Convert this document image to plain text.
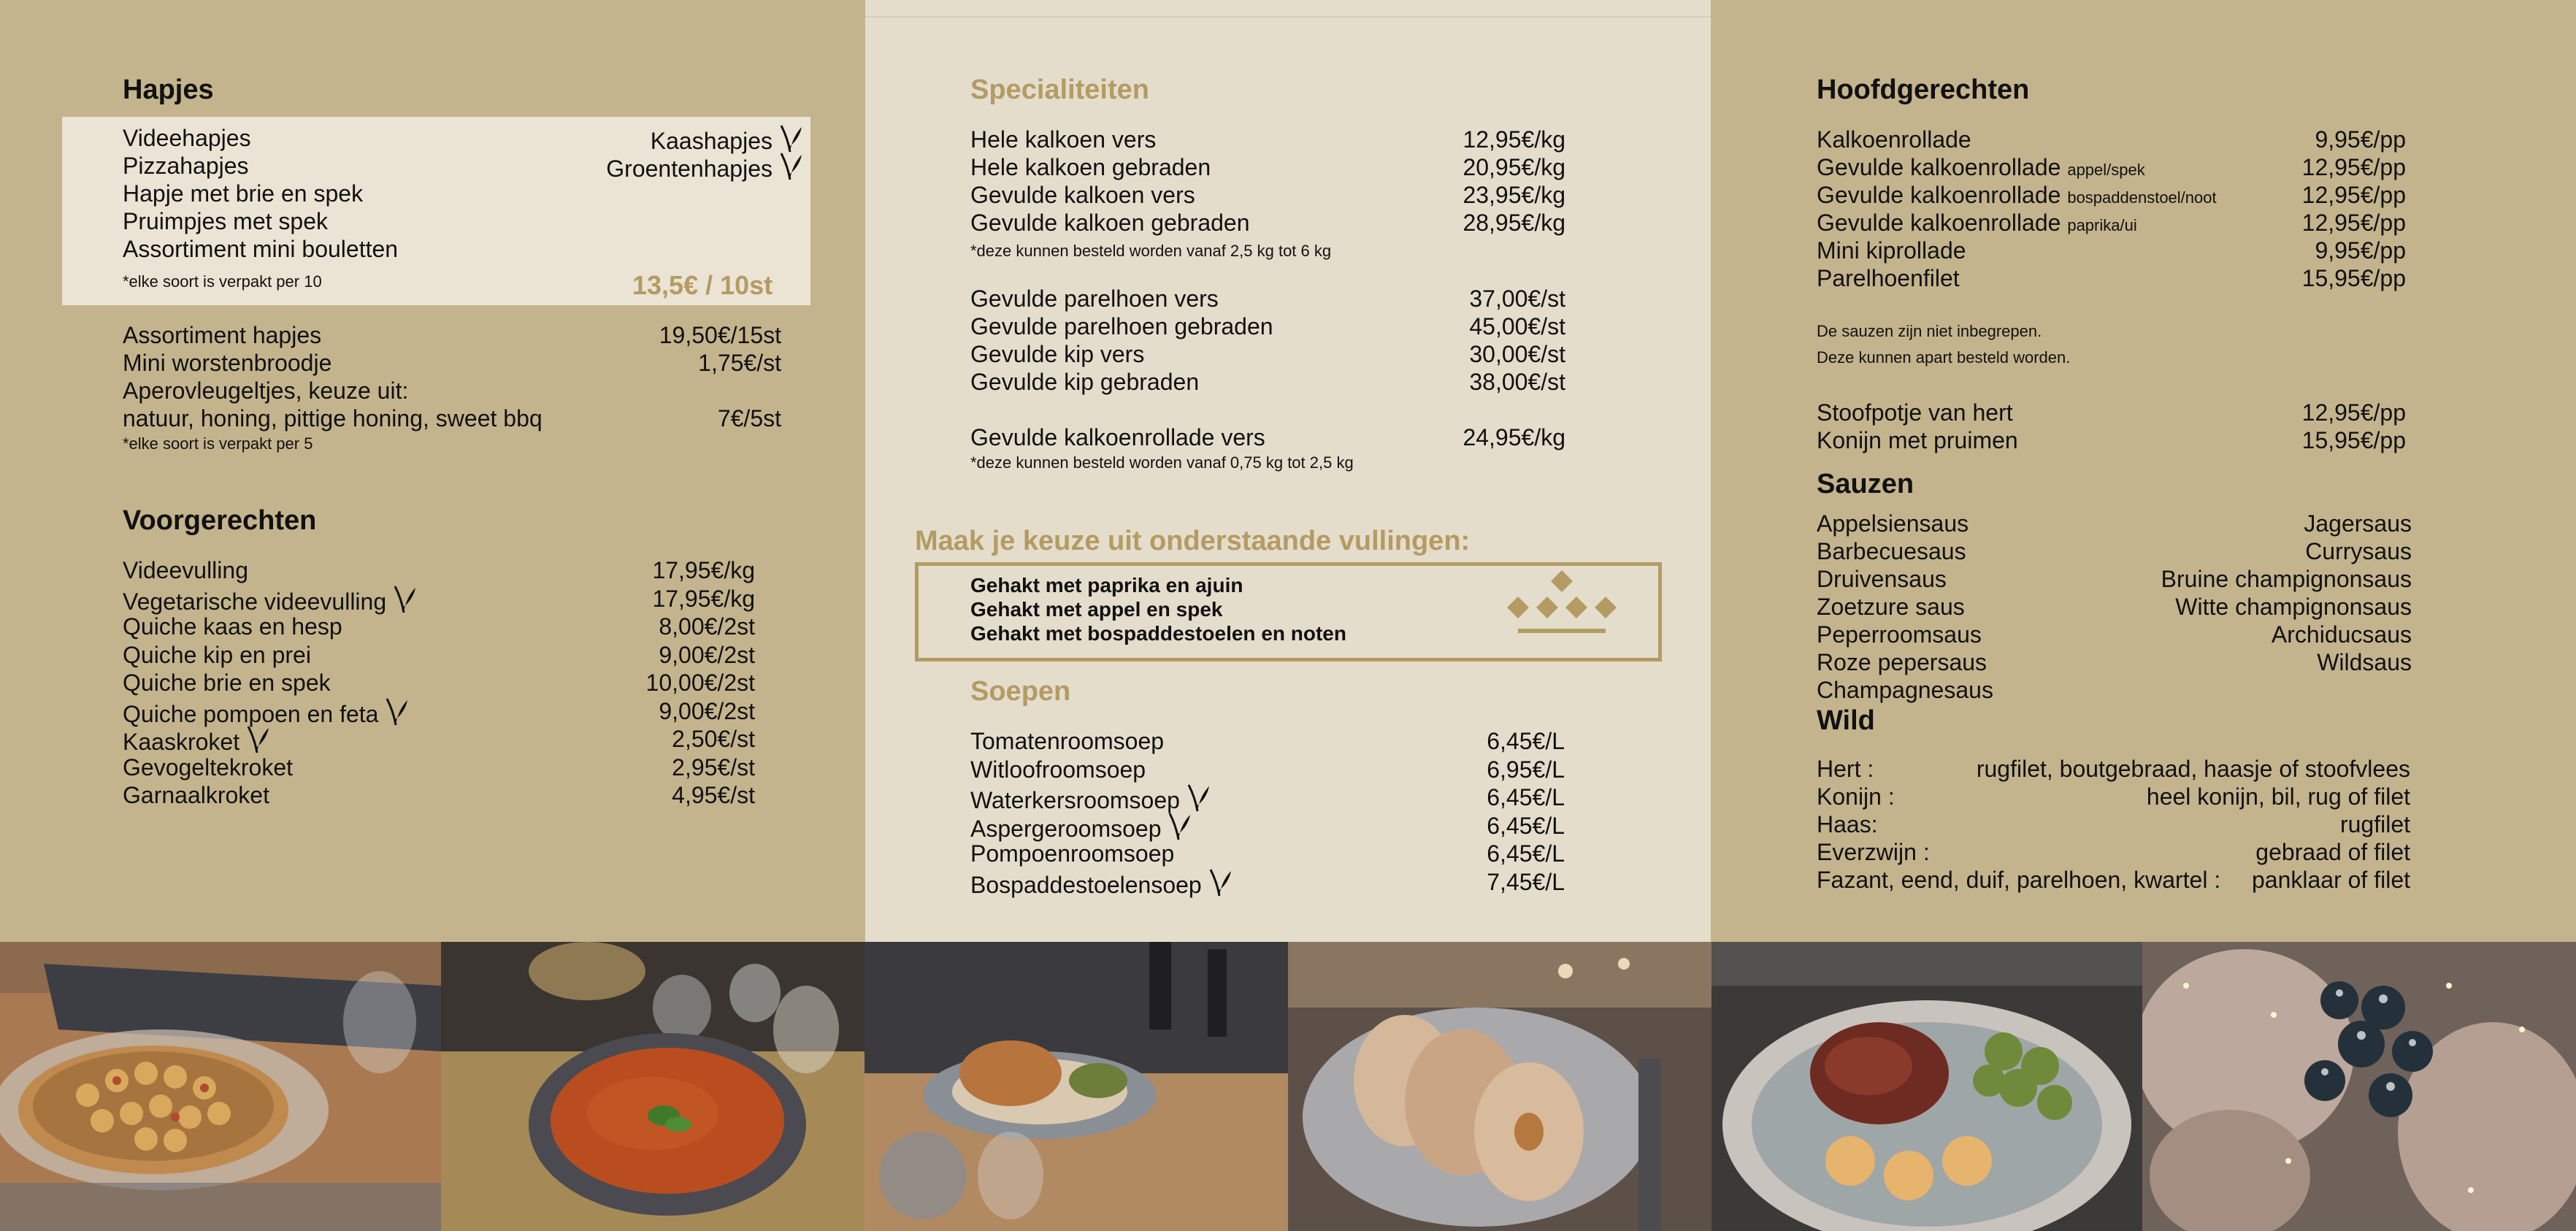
Hapjes
Videehapjes
Pizzahapjes
Hapje met brie en spek
Pruimpjes met spek
Assortiment mini bouletten
Kaashapjes
Groentenhapjes
*elke soort is verpakt per 10	13,5€ / 10st
Assortiment hapjes	19,50€/15st
Mini worstenbroodje	1,75€/st
Aperovleugeltjes, keuze uit:
natuur, honing, pittige honing, sweet bbq	7€/5st
*elke soort is verpakt per 5
Voorgerechten
Videevulling	17,95€/kg
Vegetarische videevulling	17,95€/kg
Quiche kaas en hesp	8,00€/2st
Quiche kip en prei	9,00€/2st
Quiche brie en spek	10,00€/2st
Quiche pompoen en feta	9,00€/2st
Kaaskroket	2,50€/st
Gevogeltekroket	2,95€/st
Garnaalkroket	4,95€/st
Specialiteiten
Hele kalkoen vers	12,95€/kg
Hele kalkoen gebraden	20,95€/kg
Gevulde kalkoen vers	23,95€/kg
Gevulde kalkoen gebraden	28,95€/kg
*deze kunnen besteld worden vanaf 2,5 kg tot 6 kg
Gevulde parelhoen vers	37,00€/st
Gevulde parelhoen gebraden	45,00€/st
Gevulde kip vers	30,00€/st
Gevulde kip gebraden	38,00€/st
Gevulde kalkoenrollade vers	24,95€/kg
*deze kunnen besteld worden vanaf 0,75 kg tot 2,5 kg
Maak je keuze uit onderstaande vullingen:
Soepen
Tomatenroomsoep	6,45€/L
Witloofroomsoep	6,95€/L
Waterkersroomsoep	6,45€/L
Aspergeroomsoep	6,45€/L
Pompoenroomsoep	6,45€/L
Bospaddestoelensoep	7,45€/L
Gehakt met paprika en ajuin
Gehakt met appel en spek
Gehakt met bospaddestoelen en noten
Hoofdgerechten
Kalkoenrollade	9,95€/pp
Gevulde kalkoenrollade appel/spek	12,95€/pp
Gevulde kalkoenrollade bospaddenstoel/noot	12,95€/pp
Gevulde kalkoenrollade paprika/ui	12,95€/pp
Mini kiprollade	9,95€/pp
Parelhoenfilet	15,95€/pp
De sauzen zijn niet inbegrepen.
Deze kunnen apart besteld worden.
Stoofpotje van hert	12,95€/pp
Konijn met pruimen	15,95€/pp
Sauzen
Appelsiensaus	Jagersaus
Barbecuesaus	Currysaus
Druivensaus	Bruine champignonsaus
Zoetzure saus	Witte champignonsaus
Peperroomsaus	Archiducsaus
Roze pepersaus	Wildsaus
Champagnesaus
Wild
Hert :	rugfilet, boutgebraad, haasje of stoofvlees
Konijn :	heel konijn, bil, rug of filet
Haas:	rugfilet
Everzwijn :	gebraad of filet
Fazant, eend, duif, parelhoen, kwartel : panklaar of filet
